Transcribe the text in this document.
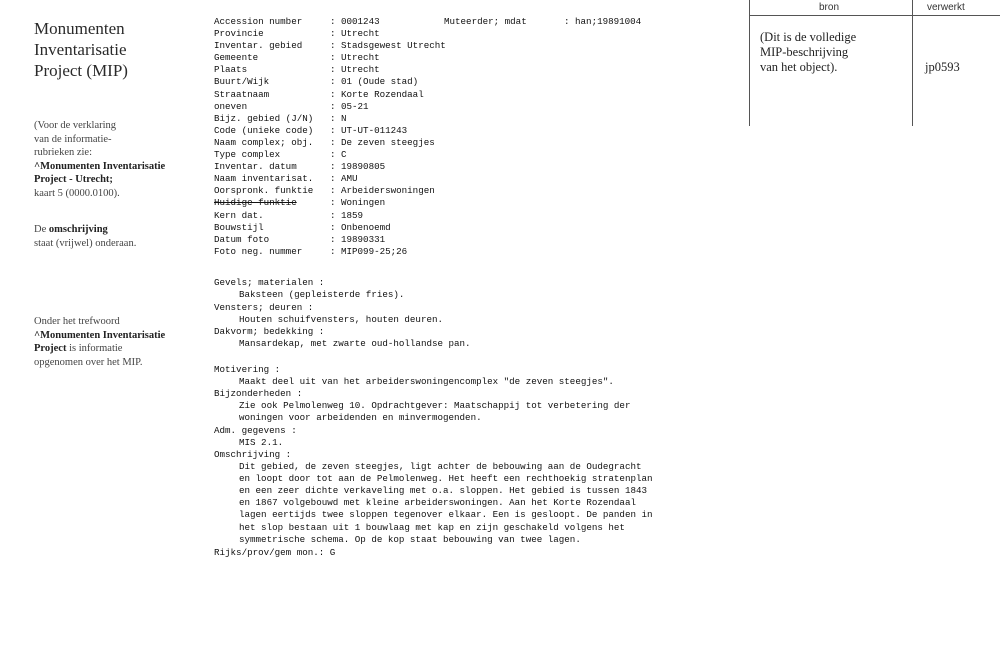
Monumenten
Inventarisatie
Project (MIP)
(Voor de verklaring
van de informatie-
rubrieken zie:
^Monumenten Inventarisatie
Project - Utrecht;
kaart 5 (0000.0100).
De omschrijving
staat (vrijwel) onderaan.
Onder het trefwoord
^Monumenten Inventarisatie
Project is informatie
opgenomen over het MIP.
Accession number	: 0001243	Muteerder; mdat	: han;19891004
Provincie	: Utrecht
Inventar. gebied	: Stadsgewest Utrecht
Gemeente	: Utrecht
Plaats	: Utrecht
Buurt/Wijk	: 01 (Oude stad)
Straatnaam	: Korte Rozendaal
oneven	: 05-21
Bijz. gebied (J/N) : N
Code (unieke code) : UT-UT-011243
Naam complex; obj. : De zeven steegjes
Type complex	: C
Inventar. datum	: 19890805
Naam inventarisat. : AMU
Oorspronk. funktie : Arbeiderswoningen
Huidige funktie	: Woningen
Kern dat.	: 1859
Bouwstijl	: Onbenoemd
Datum foto	: 19890331
Foto neg. nummer	: MIP099-25;26
Gevels; materialen :
Baksteen (gepleisterde fries).
Vensters; deuren :
Houten schuifvensters, houten deuren.
Dakvorm; bedekking :
Mansardekap, met zwarte oud-hollandse pan.
Motivering :
Maakt deel uit van het arbeiderswoningencomplex "de zeven steegjes".
Bijzonderheden :
Zie ook Pelmolenweg 10. Opdrachtgever: Maatschappij tot verbetering der
woningen voor arbeidenden en minvermogenden.
Adm. gegevens :
MIS 2.1.
Omschrijving :
Dit gebied, de zeven steegjes, ligt achter de bebouwing aan de Oudegracht
en loopt door tot aan de Pelmolenweg. Het heeft een rechthoekig stratenplan
en een zeer dichte verkaveling met o.a. sloppen. Het gebied is tussen 1843
en 1867 volgebouwd met kleine arbeiderswoningen. Aan het Korte Rozendaal
lagen eertijds twee sloppen tegenover elkaar. Een is gesloopt. De panden in
het slop bestaan uit 1 bouwlaag met kap en zijn geschakeld volgens het
symmetrische schema. Op de kop staat bebouwing van twee lagen.
Rijks/prov/gem mon.: G
bron	verwerkt
(Dit is de volledige
MIP-beschrijving
van het object).	jp0593
